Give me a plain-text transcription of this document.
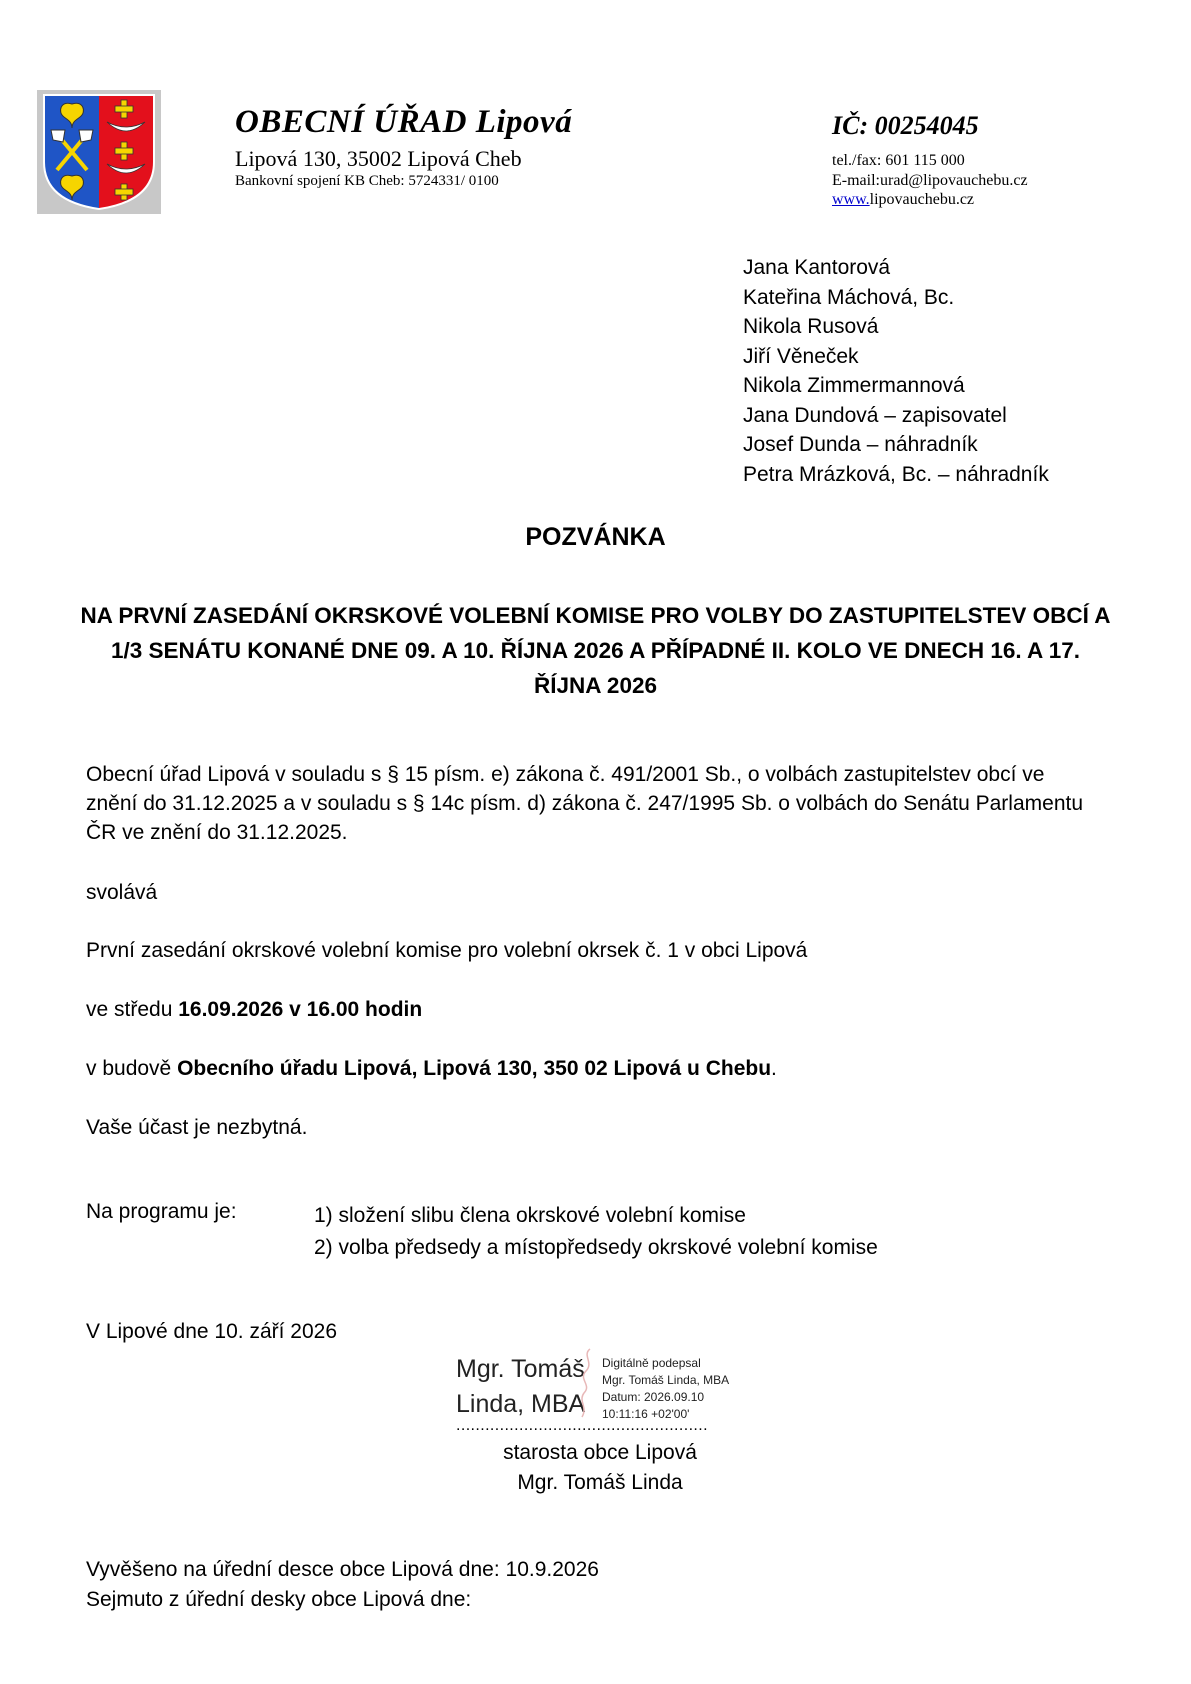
OBECNÍ ÚŘAD Lipová
Lipová 130, 35002 Lipová Cheb
Bankovní spojení KB Cheb: 5724331/ 0100
IČ: 00254045
tel./fax: 601 115 000
E-mail:urad@lipovauchebu.cz
www.lipovauchebu.cz
Jana Kantorová
Kateřina Máchová, Bc.
Nikola Rusová
Jiří Věneček
Nikola Zimmermannová
Jana Dundová – zapisovatel
Josef Dunda – náhradník
Petra Mrázková, Bc. – náhradník
POZVÁNKA
NA PRVNÍ ZASEDÁNÍ OKRSKOVÉ VOLEBNÍ KOMISE PRO VOLBY DO ZASTUPITELSTEV OBCÍ A 1/3 SENÁTU KONANÉ DNE 09. A 10. ŘÍJNA 2026 A PŘÍPADNÉ II. KOLO VE DNECH 16. A 17. ŘÍJNA 2026
Obecní úřad Lipová v souladu s § 15 písm. e) zákona č. 491/2001 Sb., o volbách zastupitelstev obcí ve znění do 31.12.2025 a v souladu s § 14c písm. d) zákona č. 247/1995 Sb. o volbách do Senátu Parlamentu ČR ve znění do 31.12.2025.
svolává
První zasedání okrskové volební komise pro volební okrsek č. 1 v obci Lipová
ve středu 16.09.2026 v 16.00 hodin
v budově Obecního úřadu Lipová, Lipová 130, 350 02 Lipová u Chebu.
Vaše účast je nezbytná.
Na programu je:	1) složení slibu člena okrskové volební komise
2) volba předsedy a místopředsedy okrskové volební komise
V Lipové dne 10. září 2026
Mgr. Tomáš
Linda, MBA
Digitálně podepsal
Mgr. Tomáš Linda, MBA
Datum: 2026.09.10
10:11:16 +02'00'
....................................................
starosta obce Lipová
Mgr. Tomáš Linda
Vyvěšeno na úřední desce obce Lipová dne: 10.9.2026
Sejmuto z úřední desky obce Lipová dne:
